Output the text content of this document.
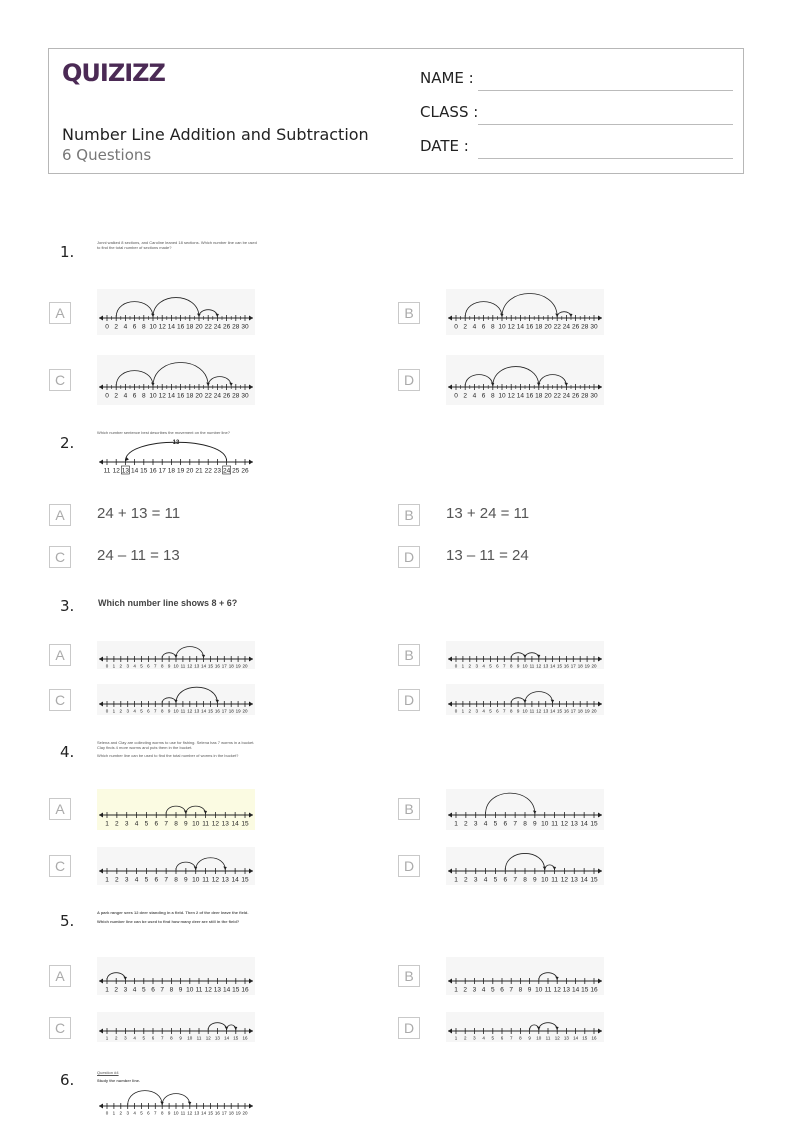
QUIZIZZ
Number Line Addition and Subtraction
6 Questions
NAME :
CLASS :
DATE :
1.
Jonni walked 8 sections, and Caroline leaned 18 sections. Which number line can be used to find the total number of sections made?
A
0 2 4 6 8 10 12 14 16 18 20 22 24 26 28 30
B
0 2 4 6 8 10 12 14 16 18 20 22 24 26 28 30
C
0 2 4 6 8 10 12 14 16 18 20 22 24 26 28 30
D
0 2 4 6 8 10 12 14 16 18 20 22 24 26 28 30
2.
Which number sentence best describes the movement on the number line?
11 12 13 14 15 16 17 18 19 20 21 22 23 24 25 26
13
A	24 + 13 = 11	B	13 + 24 = 11
C	24 – 11 = 13	D	13 – 11 = 24
3.	Which number line shows 8 + 6?
A
0 1 2 3 4 5 6 7 8 9 10 11 12 13 14 15 16 17 18 19 20
B
0 1 2 3 4 5 6 7 8 9 10 11 12 13 14 15 16 17 18 19 20
C
0 1 2 3 4 5 6 7 8 9 10 11 12 13 14 15 16 17 18 19 20
D
0 1 2 3 4 5 6 7 8 9 10 11 12 13 14 15 16 17 18 19 20
4.
Selena and Clay are collecting worms to use for fishing. Selena has 7 worms in a bucket. Clay finds 4 more worms and puts them in the bucket.
Which number line can be used to find the total number of worms in the bucket?
A
1 2 3 4 5 6 7 8 9 10 11 12 13 14 15
B
1 2 3 4 5 6 7 8 9 10 11 12 13 14 15
C
1 2 3 4 5 6 7 8 9 10 11 12 13 14 15
D
1 2 3 4 5 6 7 8 9 10 11 12 13 14 15
5.	A park ranger sees 12 deer standing in a field. Then 2 of the deer leave the field.
Which number line can be used to find how many deer are still in the field?
A
1 2 3 4 5 6 7 8 9 10 11 12 13 14 15 16
B
1 2 3 4 5 6 7 8 9 10 11 12 13 14 15 16
C
1 2 3 4 5 6 7 8 9 10 11 12 13 14 15 16
D
1 2 3 4 5 6 7 8 9 10 11 12 13 14 15 16
6.	Question #4
Study the number line.
0 1 2 3 4 5 6 7 8 9 10 11 12 13 14 15 16 17 18 19 20
